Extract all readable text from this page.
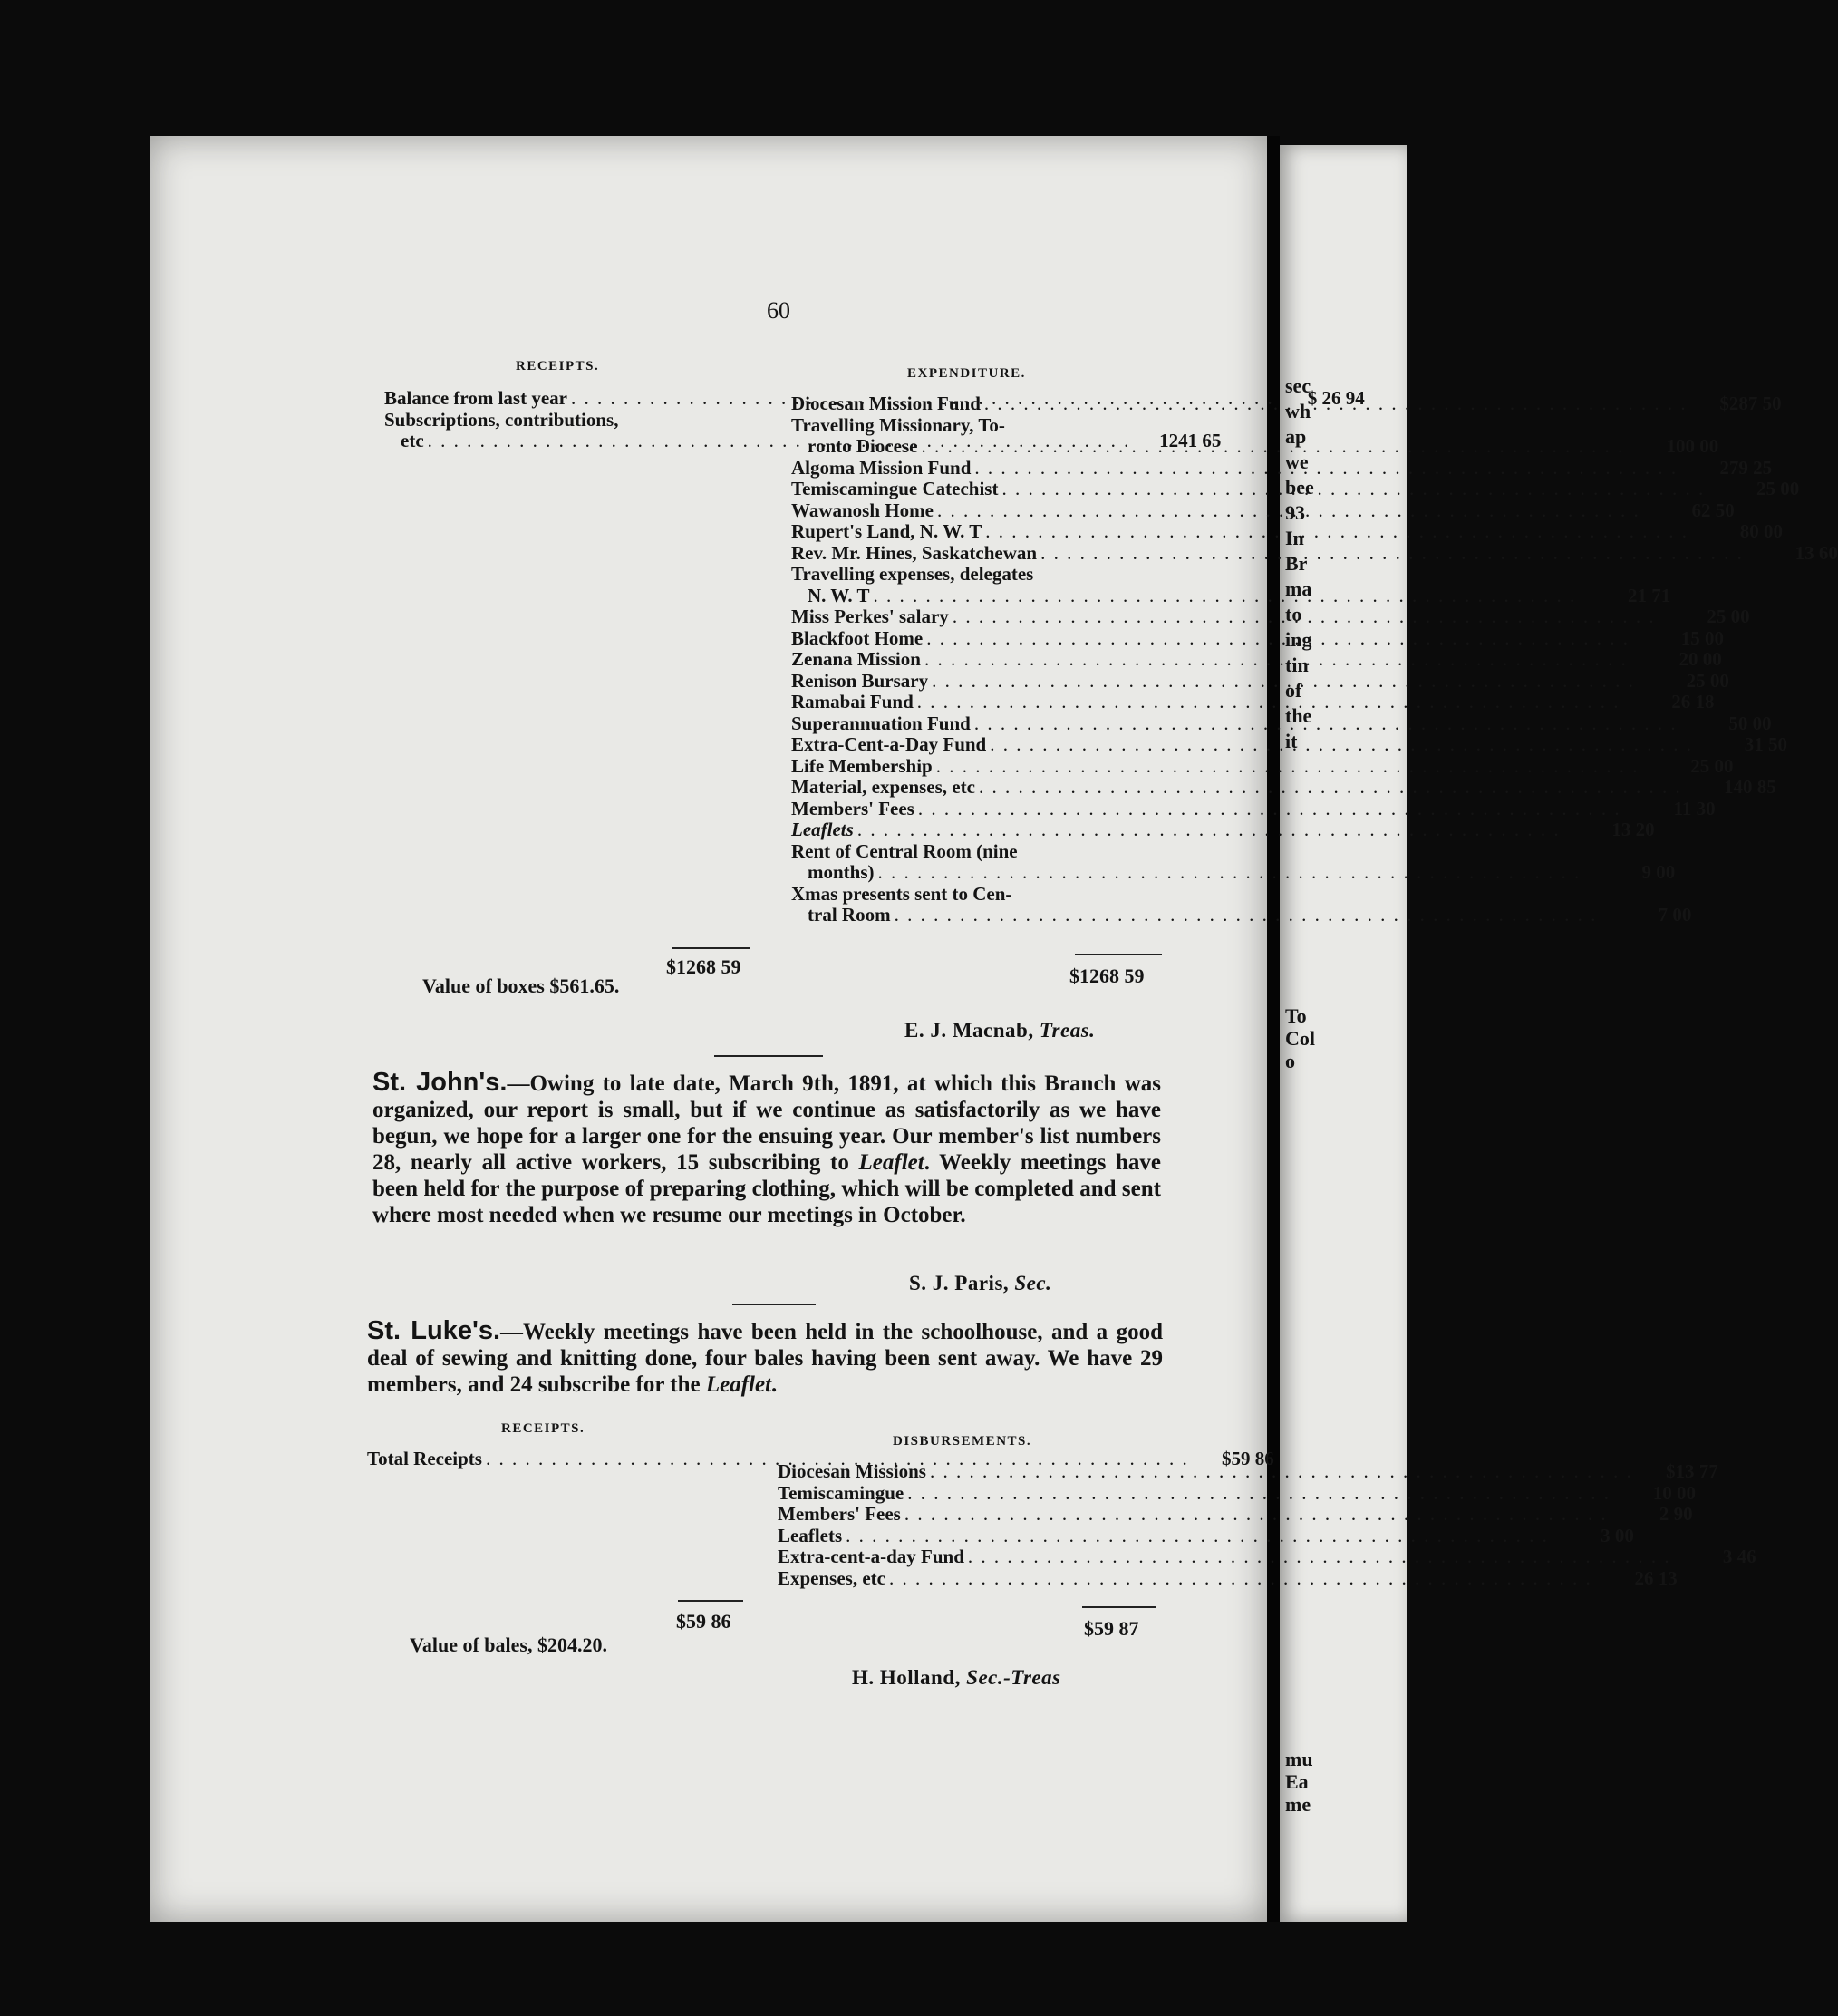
sec
wh
ap
we
bee
93
In
Br
ma
to
ing
tin
of
the
it
To
Col
o
mu
Ea
me
60
RECEIPTS.
Balance from last year . . .	$ 26 94
Subscriptions, contributions,
etc . . .	1241 65
$1268 59
Value of boxes $561.65.
EXPENDITURE.
Diocesan Mission Fund . . .	$287 50
Travelling Missionary, To-
ronto Diocese . . .	100 00
Algoma Mission Fund . . .	279 25
Temiscamingue Catechist . . .	25 00
Wawanosh Home . . .	62 50
Rupert's Land, N. W. T . . .	80 00
Rev. Mr. Hines, Saskatchewan . . .	13 60
Travelling expenses, delegates
N. W. T . . .	21 71
Miss Perkes' salary . . .	25 00
Blackfoot Home . . .	15 00
Zenana Mission . . .	20 00
Renison Bursary . . .	25 00
Ramabai Fund . . .	26 18
Superannuation Fund . . .	50 00
Extra-Cent-a-Day Fund . . .	31 50
Life Membership . . .	25 00
Material, expenses, etc . . .	140 85
Members' Fees . . .	11 30
Leaflets . . .	13 20
Rent of Central Room (nine
months) . . .	9 00
Xmas presents sent to Cen-
tral Room . . .	7 00
$1268 59
E. J. Macnab, Treas.
St. John's.—Owing to late date, March 9th, 1891, at which this Branch was organized, our report is small, but if we continue as satisfactorily as we have begun, we hope for a larger one for the ensuing year. Our member's list numbers 28, nearly all active workers, 15 subscribing to Leaflet. Weekly meetings have been held for the purpose of preparing clothing, which will be completed and sent where most needed when we resume our meetings in October.
S. J. Paris, Sec.
St. Luke's.—Weekly meetings have been held in the schoolhouse, and a good deal of sewing and knitting done, four bales having been sent away. We have 29 members, and 24 subscribe for the Leaflet.
RECEIPTS.
Total Receipts . . .	$59 86
$59 86
Value of bales, $204.20.
DISBURSEMENTS.
Diocesan Missions . . .	$13 77
Temiscamingue . . .	10 00
Members' Fees . . .	2 90
Leaflets . . .	3 00
Extra-cent-a-day Fund . . .	3 46
Expenses, etc . . .	26 13
$59 87
H. Holland, Sec.-Treas
